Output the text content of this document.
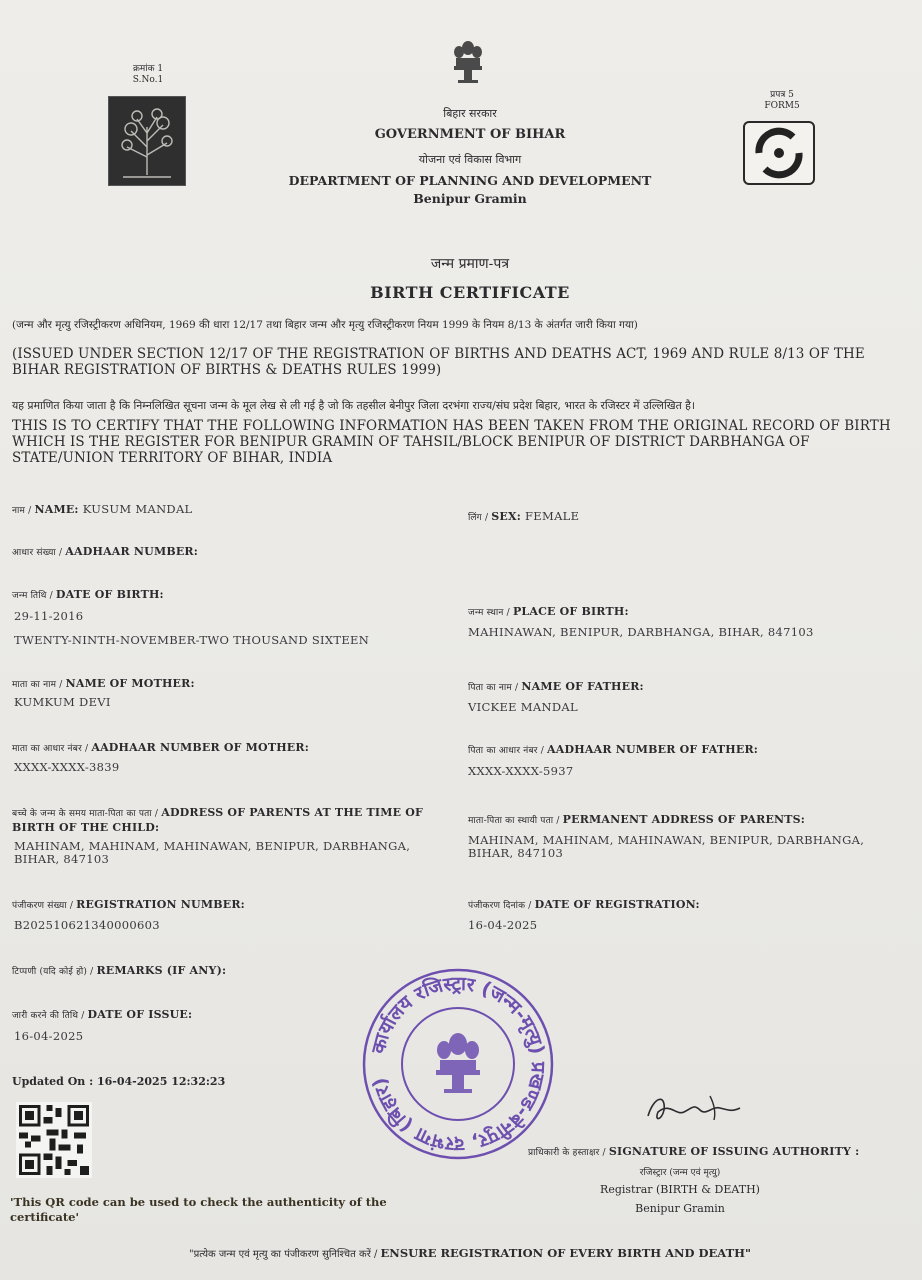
क्रमांक 1
S.No.1
प्रपत्र 5
FORM5
बिहार सरकार
GOVERNMENT OF BIHAR
योजना एवं विकास विभाग
DEPARTMENT OF PLANNING AND DEVELOPMENT
Benipur Gramin
जन्म प्रमाण-पत्र
BIRTH CERTIFICATE
(जन्म और मृत्यु रजिस्ट्रीकरण अधिनियम, 1969 की धारा 12/17 तथा बिहार जन्म और मृत्यु रजिस्ट्रीकरण नियम 1999 के नियम 8/13 के अंतर्गत जारी किया गया)
(ISSUED UNDER SECTION 12/17 OF THE REGISTRATION OF BIRTHS AND DEATHS ACT, 1969 AND RULE 8/13 OF THE BIHAR REGISTRATION OF BIRTHS & DEATHS RULES 1999)
यह प्रमाणित किया जाता है कि निम्नलिखित सूचना जन्म के मूल लेख से ली गई है जो कि तहसील बेनीपुर जिला दरभंगा राज्य/संघ प्रदेश बिहार, भारत के रजिस्टर में उल्लिखित है।
THIS IS TO CERTIFY THAT THE FOLLOWING INFORMATION HAS BEEN TAKEN FROM THE ORIGINAL RECORD OF BIRTH WHICH IS THE REGISTER FOR BENIPUR GRAMIN OF TAHSIL/BLOCK BENIPUR OF DISTRICT DARBHANGA OF STATE/UNION TERRITORY OF BIHAR, INDIA
नाम / NAME: KUSUM MANDAL
लिंग / SEX: FEMALE
आधार संख्या / AADHAAR NUMBER:
जन्म तिथि / DATE OF BIRTH:
29-11-2016
TWENTY-NINTH-NOVEMBER-TWO THOUSAND SIXTEEN
जन्म स्थान / PLACE OF BIRTH:
MAHINAWAN, BENIPUR, DARBHANGA, BIHAR, 847103
माता का नाम / NAME OF MOTHER:
KUMKUM DEVI
पिता का नाम / NAME OF FATHER:
VICKEE MANDAL
माता का आधार नंबर / AADHAAR NUMBER OF MOTHER:
XXXX-XXXX-3839
पिता का आधार नंबर / AADHAAR NUMBER OF FATHER:
XXXX-XXXX-5937
बच्चे के जन्म के समय माता-पिता का पता / ADDRESS OF PARENTS AT THE TIME OF BIRTH OF THE CHILD:
MAHINAM, MAHINAM, MAHINAWAN, BENIPUR, DARBHANGA, BIHAR, 847103
माता-पिता का स्थायी पता / PERMANENT ADDRESS OF PARENTS:
MAHINAM, MAHINAM, MAHINAWAN, BENIPUR, DARBHANGA, BIHAR, 847103
पंजीकरण संख्या / REGISTRATION NUMBER:
B202510621340000603
पंजीकरण दिनांक / DATE OF REGISTRATION:
16-04-2025
टिप्पणी (यदि कोई हो) / REMARKS (IF ANY):
जारी करने की तिथि / DATE OF ISSUE:
16-04-2025
Updated On : 16-04-2025 12:32:23
कार्यालय रजिस्ट्रार (जन्म-मृत्यु) प्रखण्ड-बेनीपुर, दरभंगा (बिहार)
प्राधिकारी के हस्ताक्षर / SIGNATURE OF ISSUING AUTHORITY :
रजिस्ट्रार (जन्म एवं मृत्यु)
Registrar (BIRTH & DEATH)
Benipur Gramin
'This QR code can be used to check the authenticity of the certificate'
"प्रत्येक जन्म एवं मृत्यु का पंजीकरण सुनिश्चित करें / ENSURE REGISTRATION OF EVERY BIRTH AND DEATH"
